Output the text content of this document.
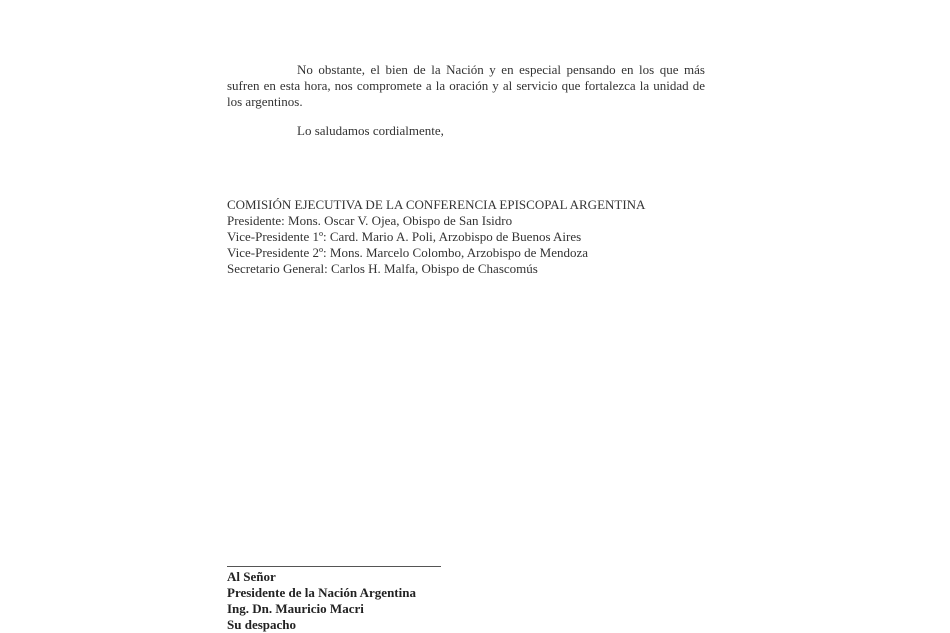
No obstante, el bien de la Nación y en especial pensando en los que más
sufren en esta hora, nos compromete a la oración y al servicio que fortalezca la unidad de
los argentinos.
Lo saludamos cordialmente,
COMISIÓN EJECUTIVA DE LA CONFERENCIA EPISCOPAL ARGENTINA
Presidente: Mons. Oscar V. Ojea, Obispo de San Isidro
Vice-Presidente 1º: Card. Mario A. Poli, Arzobispo de Buenos Aires
Vice-Presidente 2º: Mons. Marcelo Colombo, Arzobispo de Mendoza
Secretario General: Carlos H. Malfa, Obispo de Chascomús
Al Señor
Presidente de la Nación Argentina
Ing. Dn. Mauricio Macri
Su despacho
